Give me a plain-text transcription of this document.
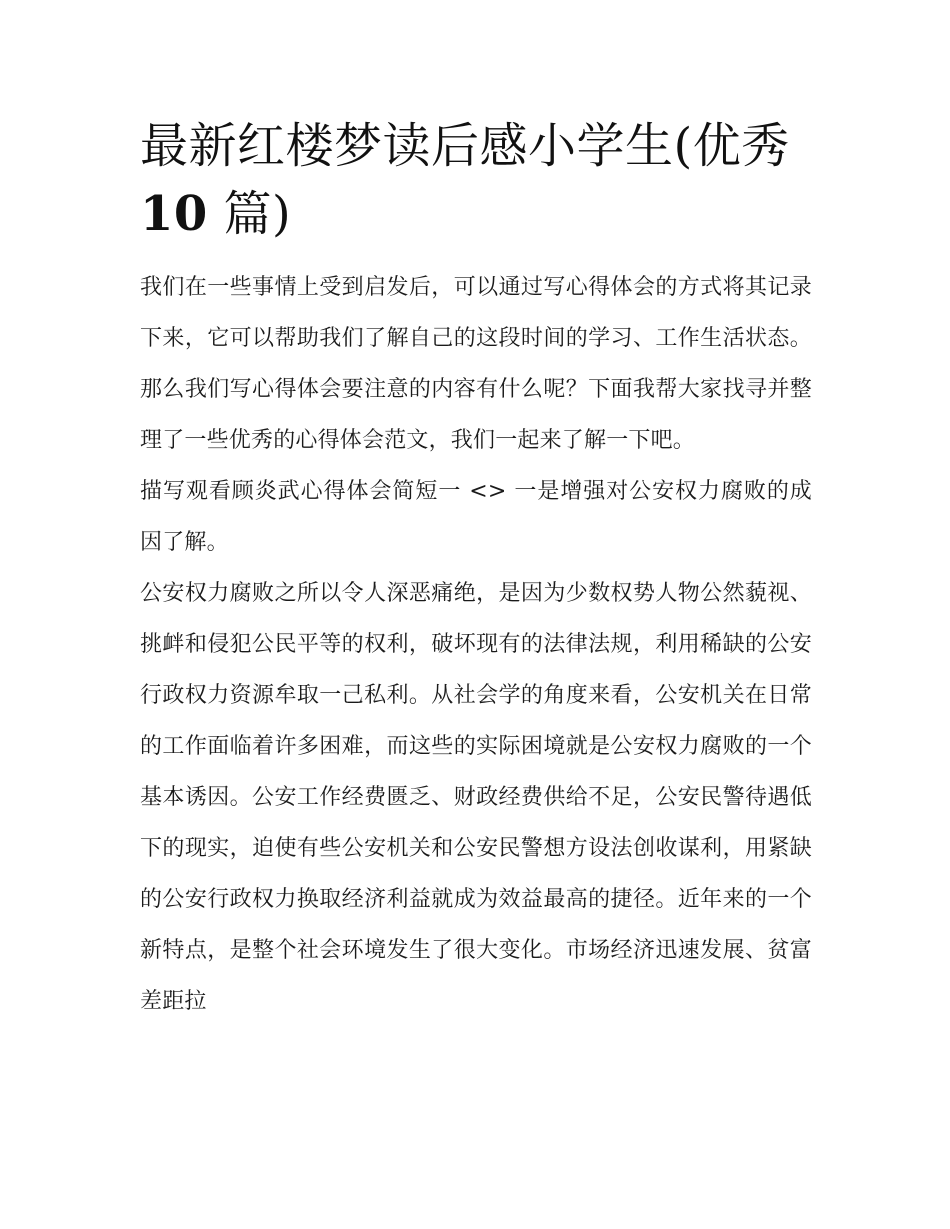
最新红楼梦读后感小学生(优秀
10 篇)

我们在一些事情上受到启发后，可以通过写心得体会的方式将其记录下来，它可以帮助我们了解自己的这段时间的学习、工作生活状态。那么我们写心得体会要注意的内容有什么呢？下面我帮大家找寻并整理了一些优秀的心得体会范文，我们一起来了解一下吧。

描写观看顾炎武心得体会简短一 <> 一是增强对公安权力腐败的成因了解。

公安权力腐败之所以令人深恶痛绝，是因为少数权势人物公然藐视、挑衅和侵犯公民平等的权利，破坏现有的法律法规，利用稀缺的公安行政权力资源牟取一己私利。从社会学的角度来看，公安机关在日常的工作面临着许多困难，而这些的实际困境就是公安权力腐败的一个基本诱因。公安工作经费匮乏、财政经费供给不足，公安民警待遇低下的现实，迫使有些公安机关和公安民警想方设法创收谋利，用紧缺的公安行政权力换取经济利益就成为效益最高的捷径。近年来的一个新特点，是整个社会环境发生了很大变化。市场经济迅速发展、贫富差距拉
